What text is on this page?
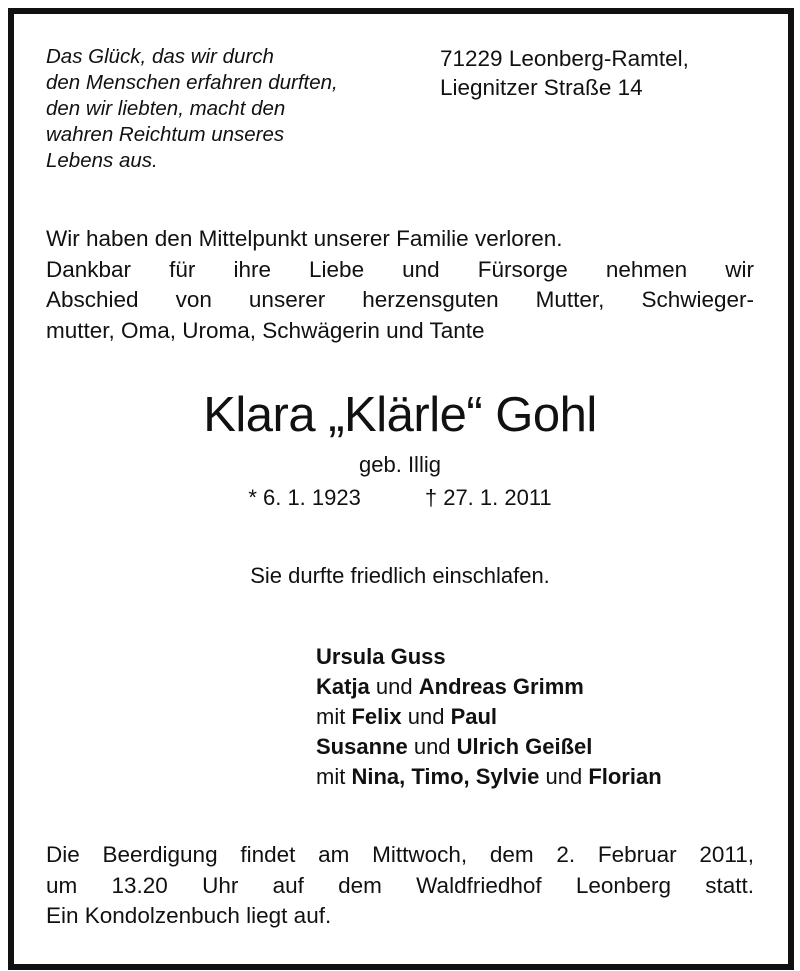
Das Glück, das wir durch
den Menschen erfahren durften,
den wir liebten, macht den
wahren Reichtum unseres
Lebens aus.
71229 Leonberg-Ramtel,
Liegnitzer Straße 14
Wir haben den Mittelpunkt unserer Familie verloren.
Dankbar für ihre Liebe und Fürsorge nehmen wir
Abschied von unserer herzensguten Mutter, Schwieger-
mutter, Oma, Uroma, Schwägerin und Tante
Klara „Klärle“ Gohl
geb. Illig
* 6. 1. 1923	† 27. 1. 2011
Sie durfte friedlich einschlafen.
Ursula Guss
Katja und Andreas Grimm
mit Felix und Paul
Susanne und Ulrich Geißel
mit Nina, Timo, Sylvie und Florian
Die Beerdigung findet am Mittwoch, dem 2. Februar 2011,
um 13.20 Uhr auf dem Waldfriedhof Leonberg statt.
Ein Kondolzenbuch liegt auf.
